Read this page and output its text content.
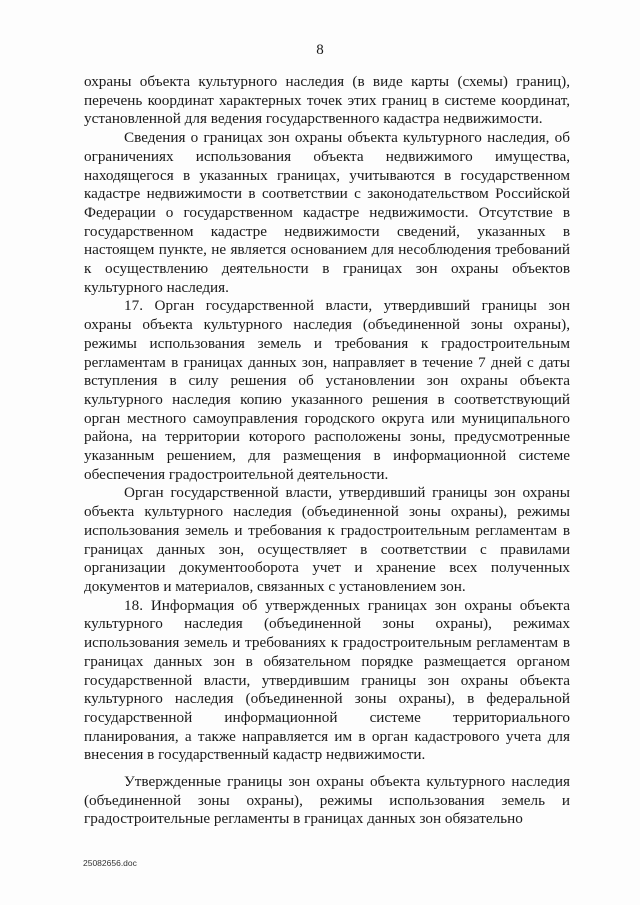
8

охраны объекта культурного наследия (в виде карты (схемы) границ), перечень координат характерных точек этих границ в системе координат, установленной для ведения государственного кадастра недвижимости.

Сведения о границах зон охраны объекта культурного наследия, об ограничениях использования объекта недвижимого имущества, находящегося в указанных границах, учитываются в государственном кадастре недвижимости в соответствии с законодательством Российской Федерации о государственном кадастре недвижимости. Отсутствие в государственном кадастре недвижимости сведений, указанных в настоящем пункте, не является основанием для несоблюдения требований к осуществлению деятельности в границах зон охраны объектов культурного наследия.

17. Орган государственной власти, утвердивший границы зон охраны объекта культурного наследия (объединенной зоны охраны), режимы использования земель и требования к градостроительным регламентам в границах данных зон, направляет в течение 7 дней с даты вступления в силу решения об установлении зон охраны объекта культурного наследия копию указанного решения в соответствующий орган местного самоуправления городского округа или муниципального района, на территории которого расположены зоны, предусмотренные указанным решением, для размещения в информационной системе обеспечения градостроительной деятельности.

Орган государственной власти, утвердивший границы зон охраны объекта культурного наследия (объединенной зоны охраны), режимы использования земель и требования к градостроительным регламентам в границах данных зон, осуществляет в соответствии с правилами организации документооборота учет и хранение всех полученных документов и материалов, связанных с установлением зон.

18. Информация об утвержденных границах зон охраны объекта культурного наследия (объединенной зоны охраны), режимах использования земель и требованиях к градостроительным регламентам в границах данных зон в обязательном порядке размещается органом государственной власти, утвердившим границы зон охраны объекта культурного наследия (объединенной зоны охраны), в федеральной государственной информационной системе территориального планирования, а также направляется им в орган кадастрового учета для внесения в государственный кадастр недвижимости.

Утвержденные границы зон охраны объекта культурного наследия (объединенной зоны охраны), режимы использования земель и градостроительные регламенты в границах данных зон обязательно

25082656.doc
